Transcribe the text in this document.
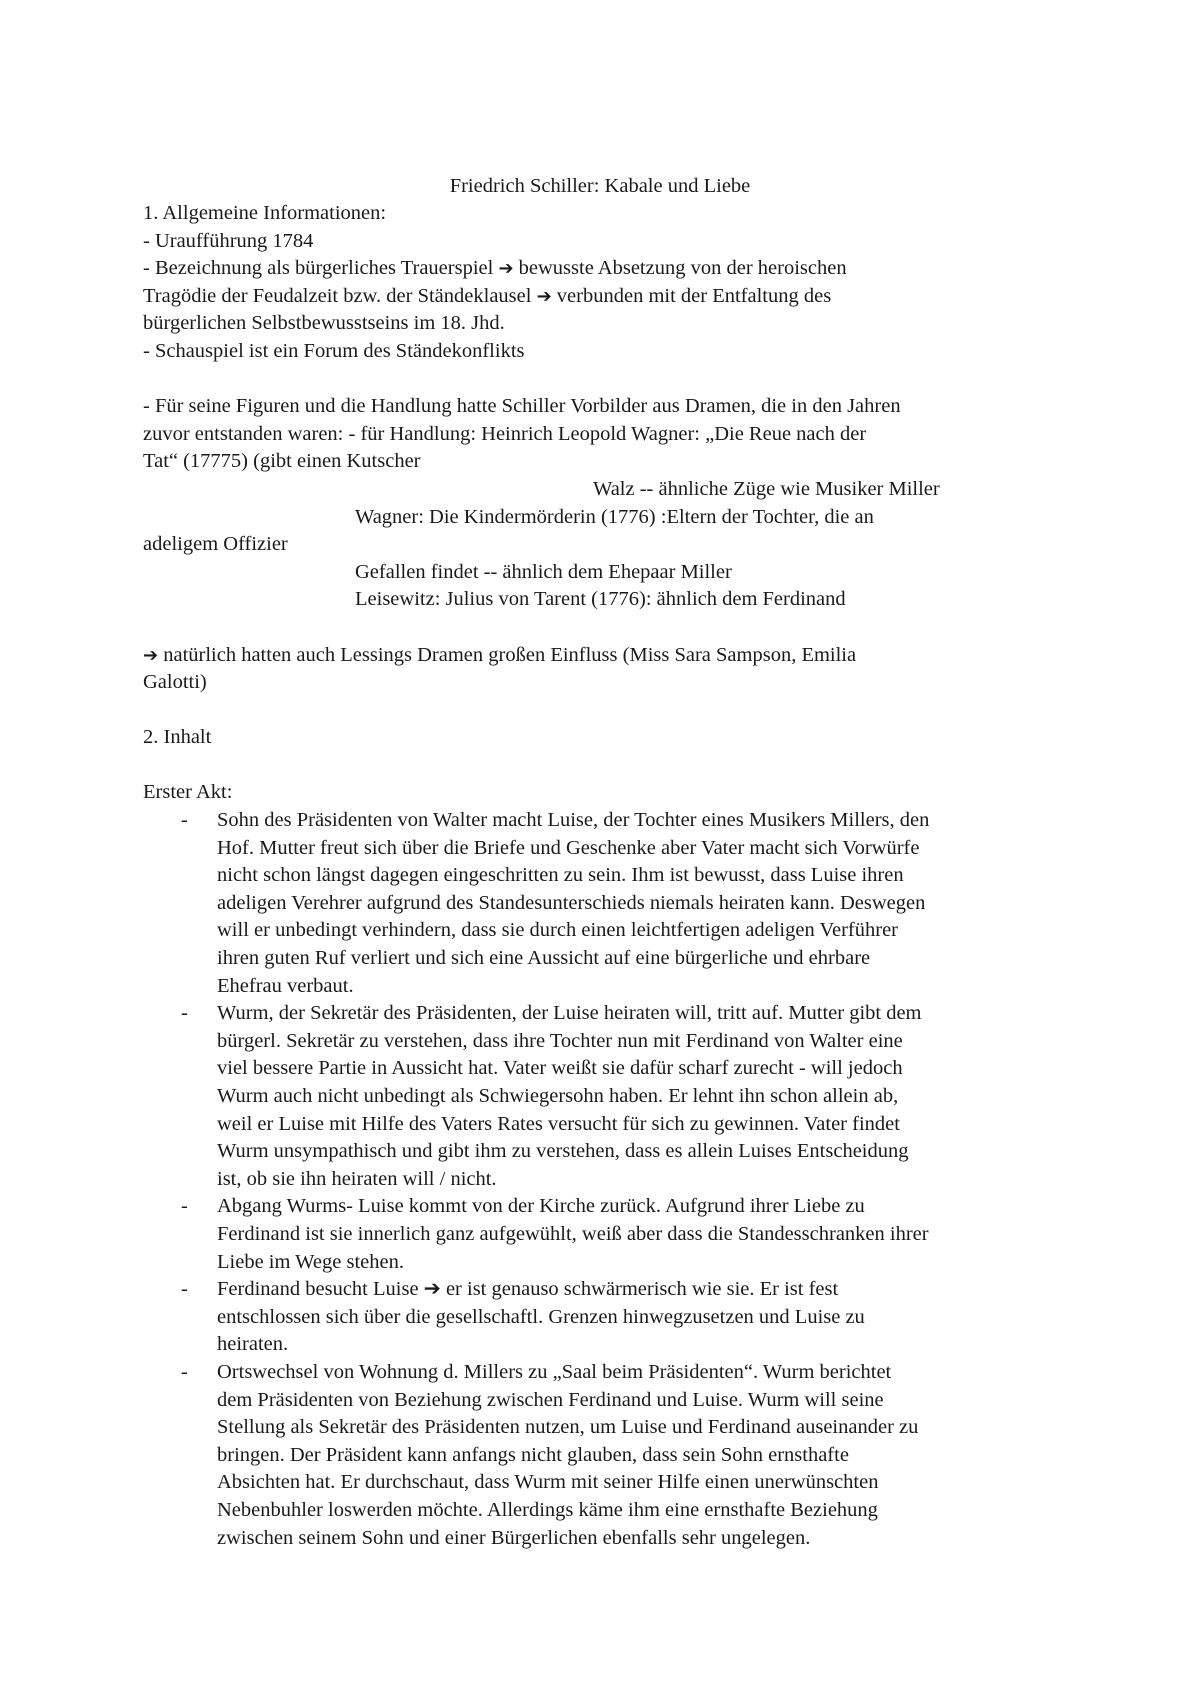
Friedrich Schiller: Kabale und Liebe

1. Allgemeine Informationen:

- Uraufführung 1784

- Bezeichnung als bürgerliches Trauerspiel ➔ bewusste Absetzung von der heroischen

Tragödie der Feudalzeit bzw. der Ständeklausel ➔ verbunden mit der Entfaltung des

bürgerlichen Selbstbewusstseins im 18. Jhd.

- Schauspiel ist ein Forum des Ständekonflikts

- Für seine Figuren und die Handlung hatte Schiller Vorbilder aus Dramen, die in den Jahren

zuvor entstanden waren: - für Handlung: Heinrich Leopold Wagner: „Die Reue nach der

Tat“ (17775) (gibt einen Kutscher

Walz -- ähnliche Züge wie Musiker Miller

Wagner: Die Kindermörderin (1776) :Eltern der Tochter, die an

adeligem Offizier

Gefallen findet -- ähnlich dem Ehepaar Miller

Leisewitz: Julius von Tarent (1776): ähnlich dem Ferdinand

➔ natürlich hatten auch Lessings Dramen großen Einfluss (Miss Sara Sampson, Emilia

Galotti)

2. Inhalt

Erster Akt:

- Sohn des Präsidenten von Walter macht Luise, der Tochter eines Musikers Millers, den

Hof. Mutter freut sich über die Briefe und Geschenke aber Vater macht sich Vorwürfe

nicht schon längst dagegen eingeschritten zu sein. Ihm ist bewusst, dass Luise ihren

adeligen Verehrer aufgrund des Standesunterschieds niemals heiraten kann. Deswegen

will er unbedingt verhindern, dass sie durch einen leichtfertigen adeligen Verführer

ihren guten Ruf verliert und sich eine Aussicht auf eine bürgerliche und ehrbare

Ehefrau verbaut.

- Wurm, der Sekretär des Präsidenten, der Luise heiraten will, tritt auf. Mutter gibt dem

bürgerl. Sekretär zu verstehen, dass ihre Tochter nun mit Ferdinand von Walter eine

viel bessere Partie in Aussicht hat. Vater weißt sie dafür scharf zurecht - will jedoch

Wurm auch nicht unbedingt als Schwiegersohn haben. Er lehnt ihn schon allein ab,

weil er Luise mit Hilfe des Vaters Rates versucht für sich zu gewinnen. Vater findet

Wurm unsympathisch und gibt ihm zu verstehen, dass es allein Luises Entscheidung

ist, ob sie ihn heiraten will / nicht.

- Abgang Wurms- Luise kommt von der Kirche zurück. Aufgrund ihrer Liebe zu

Ferdinand ist sie innerlich ganz aufgewühlt, weiß aber dass die Standesschranken ihrer

Liebe im Wege stehen.

- Ferdinand besucht Luise ➔ er ist genauso schwärmerisch wie sie. Er ist fest

entschlossen sich über die gesellschaftl. Grenzen hinwegzusetzen und Luise zu

heiraten.

- Ortswechsel von Wohnung d. Millers zu „Saal beim Präsidenten“. Wurm berichtet

dem Präsidenten von Beziehung zwischen Ferdinand und Luise. Wurm will seine

Stellung als Sekretär des Präsidenten nutzen, um Luise und Ferdinand auseinander zu

bringen. Der Präsident kann anfangs nicht glauben, dass sein Sohn ernsthafte

Absichten hat. Er durchschaut, dass Wurm mit seiner Hilfe einen unerwünschten

Nebenbuhler loswerden möchte. Allerdings käme ihm eine ernsthafte Beziehung

zwischen seinem Sohn und einer Bürgerlichen ebenfalls sehr ungelegen.
